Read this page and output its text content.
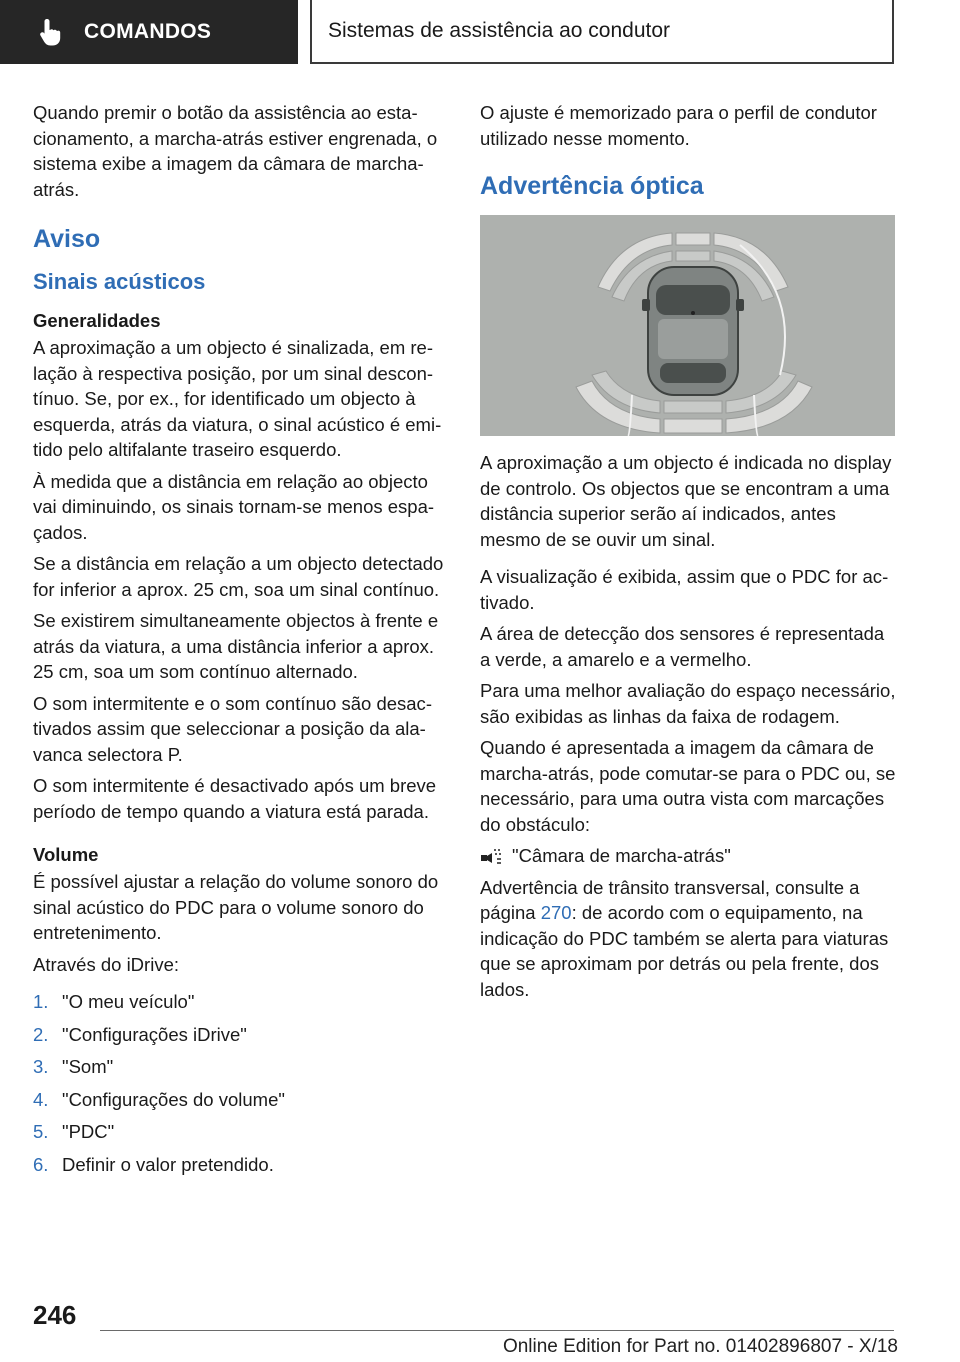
COMANDOS	Sistemas de assistência ao condutor

Quando premir o botão da assistência ao estacionamento, a marcha-atrás estiver engrenada, o sistema exibe a imagem da câmara de marcha-atrás.

Aviso
Sinais acústicos
Generalidades

A aproximação a um objecto é sinalizada, em relação à respectiva posição, por um sinal descontínuo. Se, por ex., for identificado um objecto à esquerda, atrás da viatura, o sinal acústico é emitido pelo altifalante traseiro esquerdo.

À medida que a distância em relação ao objecto vai diminuindo, os sinais tornam-se menos espaçados.

Se a distância em relação a um objecto detectado for inferior a aprox. 25 cm, soa um sinal contínuo.

Se existirem simultaneamente objectos à frente e atrás da viatura, a uma distância inferior a aprox. 25 cm, soa um som contínuo alternado.

O som intermitente e o som contínuo são desactivados assim que seleccionar a posição da alavanca selectora P.

O som intermitente é desactivado após um breve período de tempo quando a viatura está parada.

Volume

É possível ajustar a relação do volume sonoro do sinal acústico do PDC para o volume sonoro do entretenimento.

Através do iDrive:

1. "O meu veículo"
2. "Configurações iDrive"
3. "Som"
4. "Configurações do volume"
5. "PDC"
6. Definir o valor pretendido.

O ajuste é memorizado para o perfil de condutor utilizado nesse momento.

Advertência óptica

A aproximação a um objecto é indicada no display de controlo. Os objectos que se encontram a uma distância superior serão aí indicados, antes mesmo de se ouvir um sinal.

A visualização é exibida, assim que o PDC for activado.

A área de detecção dos sensores é representada a verde, a amarelo e a vermelho.

Para uma melhor avaliação do espaço necessário, são exibidas as linhas da faixa de rodagem.

Quando é apresentada a imagem da câmara de marcha-atrás, pode comutar-se para o PDC ou, se necessário, para uma outra vista com marcações do obstáculo:

"Câmara de marcha-atrás"

Advertência de trânsito transversal, consulte a página 270: de acordo com o equipamento, na indicação do PDC também se alerta para viaturas que se aproximam por detrás ou pela frente, dos lados.

246
Online Edition for Part no. 01402896807 - X/18
